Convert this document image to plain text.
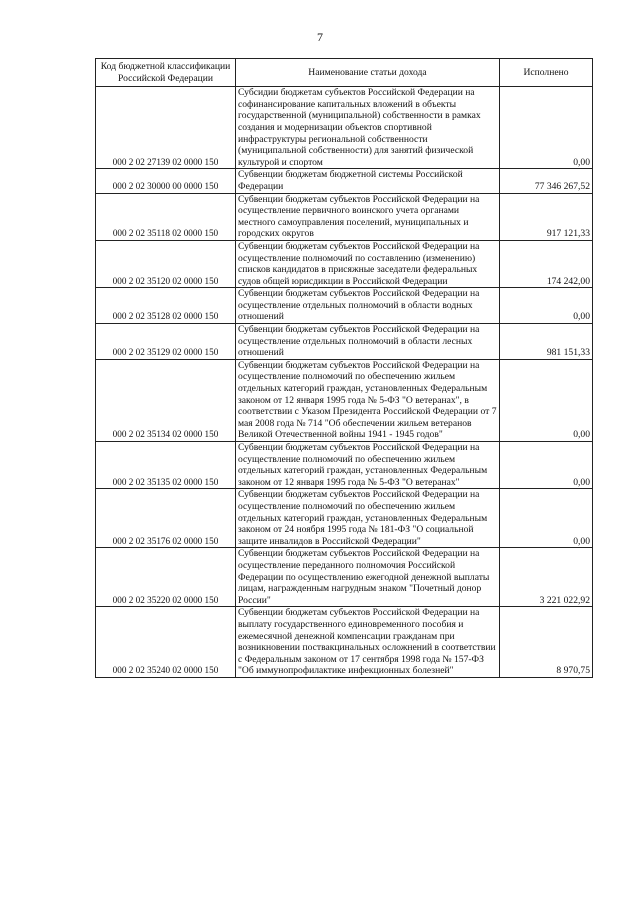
7
Код бюджетной классификации Российской Федерации	Наименование статьи дохода	Исполнено
000 2 02 27139 02 0000 150	Субсидии бюджетам субъектов Российской Федерации на софинансирование капитальных вложений в объекты государственной (муниципальной) собственности в рамках создания и модернизации объектов спортивной инфраструктуры региональной собственности (муниципальной собственности) для занятий физической культурой и спортом	0,00
000 2 02 30000 00 0000 150	Субвенции бюджетам бюджетной системы Российской Федерации	77 346 267,52
000 2 02 35118 02 0000 150	Субвенции бюджетам субъектов Российской Федерации на осуществление первичного воинского учета органами местного самоуправления поселений, муниципальных и городских округов	917 121,33
000 2 02 35120 02 0000 150	Субвенции бюджетам субъектов Российской Федерации на осуществление полномочий по составлению (изменению) списков кандидатов в присяжные заседатели федеральных судов общей юрисдикции в Российской Федерации	174 242,00
000 2 02 35128 02 0000 150	Субвенции бюджетам субъектов Российской Федерации на осуществление отдельных полномочий в области водных отношений	0,00
000 2 02 35129 02 0000 150	Субвенции бюджетам субъектов Российской Федерации на осуществление отдельных полномочий в области лесных отношений	981 151,33
000 2 02 35134 02 0000 150	Субвенции бюджетам субъектов Российской Федерации на осуществление полномочий по обеспечению жильем отдельных категорий граждан, установленных Федеральным законом от 12 января 1995 года № 5-ФЗ "О ветеранах", в соответствии с Указом Президента Российской Федерации от 7 мая 2008 года № 714 "Об обеспечении жильем ветеранов Великой Отечественной войны 1941 - 1945 годов"	0,00
000 2 02 35135 02 0000 150	Субвенции бюджетам субъектов Российской Федерации на осуществление полномочий по обеспечению жильем отдельных категорий граждан, установленных Федеральным законом от 12 января 1995 года № 5-ФЗ "О ветеранах"	0,00
000 2 02 35176 02 0000 150	Субвенции бюджетам субъектов Российской Федерации на осуществление полномочий по обеспечению жильем отдельных категорий граждан, установленных Федеральным законом от 24 ноября 1995 года № 181-ФЗ "О социальной защите инвалидов в Российской Федерации"	0,00
000 2 02 35220 02 0000 150	Субвенции бюджетам субъектов Российской Федерации на осуществление переданного полномочия Российской Федерации по осуществлению ежегодной денежной выплаты лицам, награжденным нагрудным знаком "Почетный донор России"	3 221 022,92
000 2 02 35240 02 0000 150	Субвенции бюджетам субъектов Российской Федерации на выплату государственного единовременного пособия и ежемесячной денежной компенсации гражданам при возникновении поствакцинальных осложнений в соответствии с Федеральным законом от 17 сентября 1998 года № 157-ФЗ "Об иммунопрофилактике инфекционных болезней"	8 970,75
